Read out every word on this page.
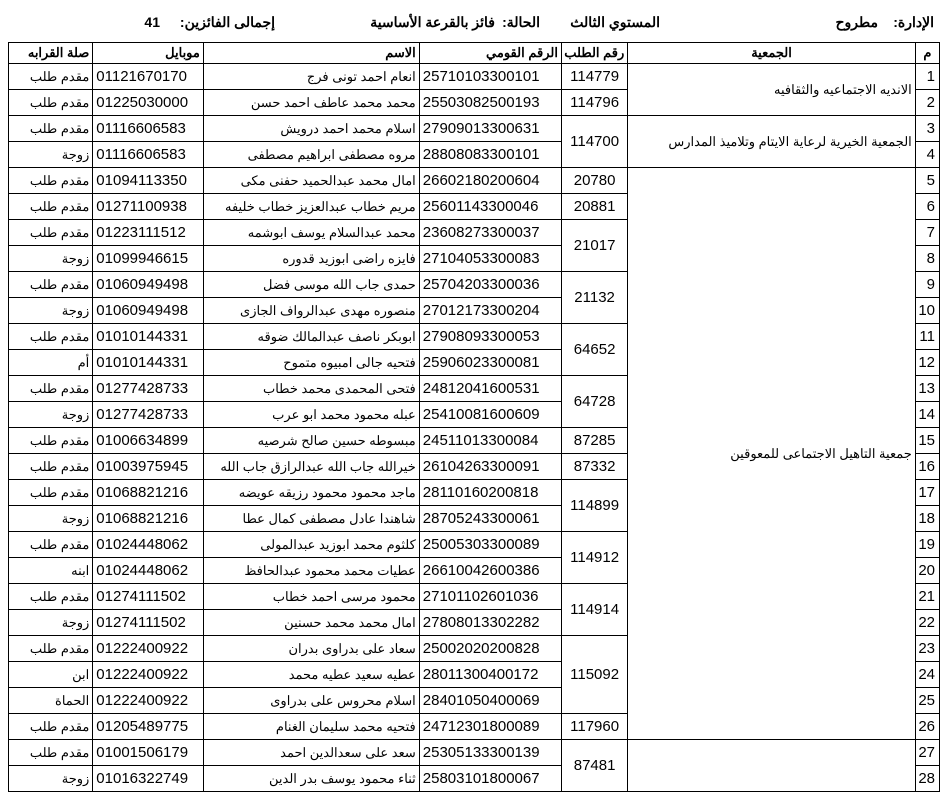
الإدارة:
مطروح
المستوي الثالث
الحالة:
فائز بالقرعة الأساسية
إجمالى الفائزين:
41
م	الجمعية	رقم الطلب	الرقم القومي	الاسم	موبايل	صلة القرابه
1	الانديه الاجتماعيه والثقافيه	114779	25710103300101	انعام احمد تونى فرج	01121670170	مقدم طلب
2		114796	25503082500193	محمد محمد عاطف احمد حسن	01225030000	مقدم طلب
3	الجمعية الخيرية لرعاية الايتام وتلاميذ المدارس	114700	27909013300631	اسلام محمد احمد درويش	01116606583	مقدم طلب
4			28808083300101	مروه مصطفى ابراهيم مصطفى	01116606583	زوجة
5	جمعية التاهيل الاجتماعى للمعوقين	20780	26602180200604	امال محمد عبدالحميد حفنى مكى	01094113350	مقدم طلب
6		20881	25601143300046	مريم خطاب عبدالعزيز خطاب خليفه	01271100938	مقدم طلب
7		21017	23608273300037	محمد عبدالسلام يوسف ابوشمه	01223111512	مقدم طلب
8			27104053300083	فايزه راضى ابوزيد قدوره	01099946615	زوجة
9		21132	25704203300036	حمدى جاب الله موسى فضل	01060949498	مقدم طلب
10			27012173300204	منصوره مهدى عبدالرواف الجازى	01060949498	زوجة
11		64652	27908093300053	ابوبكر ناصف عبدالمالك ضوقه	01010144331	مقدم طلب
12			25906023300081	فتحيه جالى امبيوه متموح	01010144331	أم
13		64728	24812041600531	فتحى المحمدى محمد خطاب	01277428733	مقدم طلب
14			25410081600609	عبله محمود محمد ابو عرب	01277428733	زوجة
15		87285	24511013300084	مبسوطه حسين صالح شرصيه	01006634899	مقدم طلب
16		87332	26104263300091	خيرالله جاب الله عبدالرازق جاب الله	01003975945	مقدم طلب
17		114899	28110160200818	ماجد محمود محمود رزيقه عويضه	01068821216	مقدم طلب
18			28705243300061	شاهندا عادل مصطفى كمال عطا	01068821216	زوجة
19		114912	25005303300089	كلثوم محمد ابوزيد عبدالمولى	01024448062	مقدم طلب
20			26610042600386	عطيات محمد محمود عبدالحافظ	01024448062	ابنه
21		114914	27101102601036	محمود مرسى احمد خطاب	01274111502	مقدم طلب
22			27808013302282	امال محمد محمد حسنين	01274111502	زوجة
23		115092	25002020200828	سعاد على بدراوى بدران	01222400922	مقدم طلب
24			28011300400172	عطيه سعيد عطيه محمد	01222400922	ابن
25			28401050400069	اسلام محروس على بدراوى	01222400922	الحماة
26		117960	24712301800089	فتحيه محمد سليمان الغنام	01205489775	مقدم طلب
27		87481	25305133300139	سعد على سعدالدين احمد	01001506179	مقدم طلب
28			25803101800067	ثناء محمود يوسف بدر الدين	01016322749	زوجة
